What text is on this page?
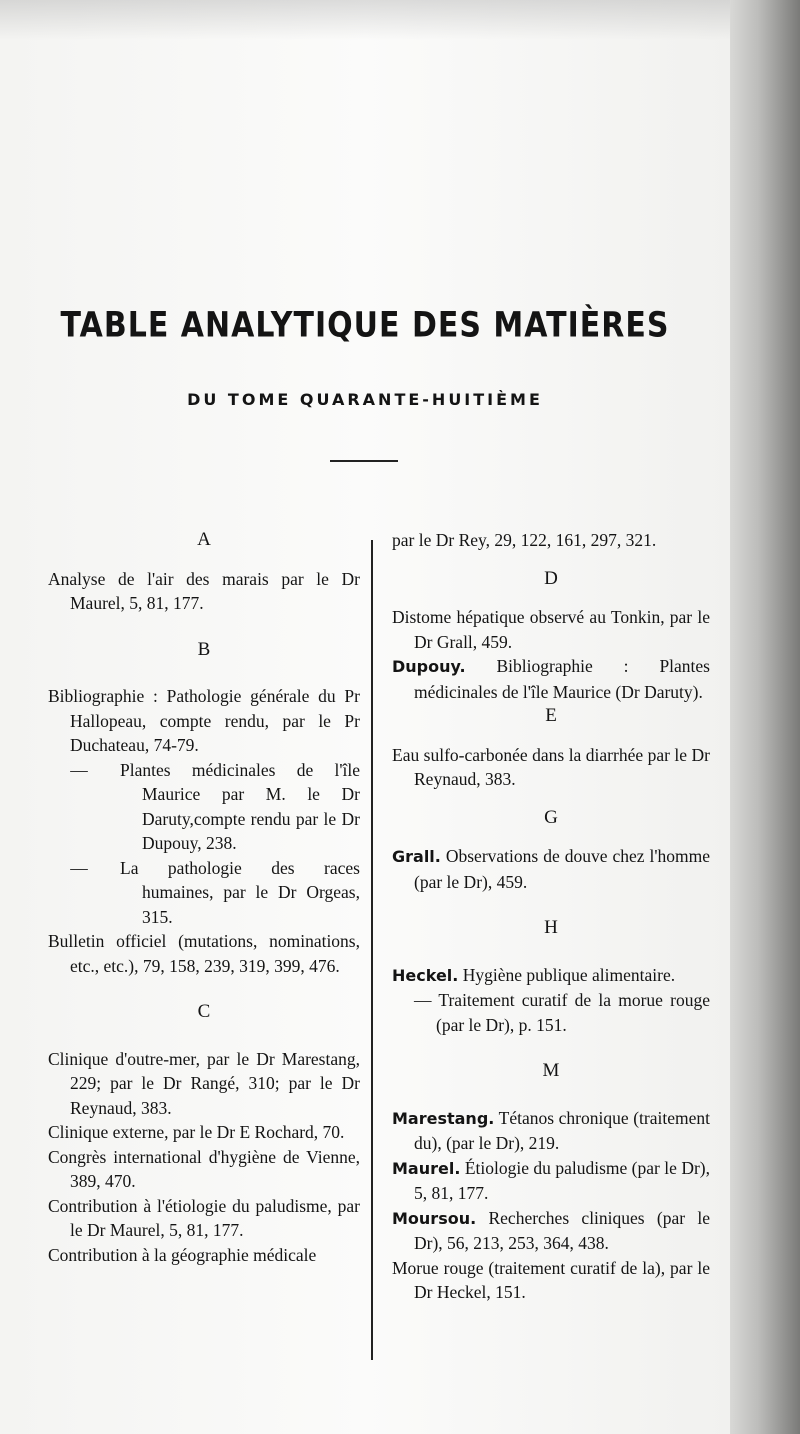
TABLE ANALYTIQUE DES MATIÈRES
DU TOME QUARANTE-HUITIÈME

A

Analyse de l'air des marais par le Dr Maurel, 5, 81, 177.

B

Bibliographie : Pathologie générale du Pr Hallopeau, compte rendu, par le Pr Duchateau, 74-79.

— Plantes médicinales de l'île Maurice par M. le Dr Daruty,compte rendu par le Dr Dupouy, 238.

— La pathologie des races humaines, par le Dr Orgeas, 315.

Bulletin officiel (mutations, nominations, etc., etc.), 79, 158, 239, 319, 399, 476.

C

Clinique d'outre-mer, par le Dr Marestang, 229; par le Dr Rangé, 310; par le Dr Reynaud, 383.

Clinique externe, par le Dr E Rochard, 70.

Congrès international d'hygiène de Vienne, 389, 470.

Contribution à l'étiologie du paludisme, par le Dr Maurel, 5, 81, 177.

Contribution à la géographie médicale

par le Dr Rey, 29, 122, 161, 297, 321.

D

Distome hépatique observé au Tonkin, par le Dr Grall, 459.

Dupouy. Bibliographie : Plantes médicinales de l'île Maurice (Dr Daruty).

E

Eau sulfo-carbonée dans la diarrhée par le Dr Reynaud, 383.

G

Grall. Observations de douve chez l'homme (par le Dr), 459.

H

Heckel. Hygiène publique alimentaire.

— Traitement curatif de la morue rouge (par le Dr), p. 151.

M

Marestang. Tétanos chronique (traitement du), (par le Dr), 219.

Maurel. Étiologie du paludisme (par le Dr), 5, 81, 177.

Moursou. Recherches cliniques (par le Dr), 56, 213, 253, 364, 438.

Morue rouge (traitement curatif de la), par le Dr Heckel, 151.
